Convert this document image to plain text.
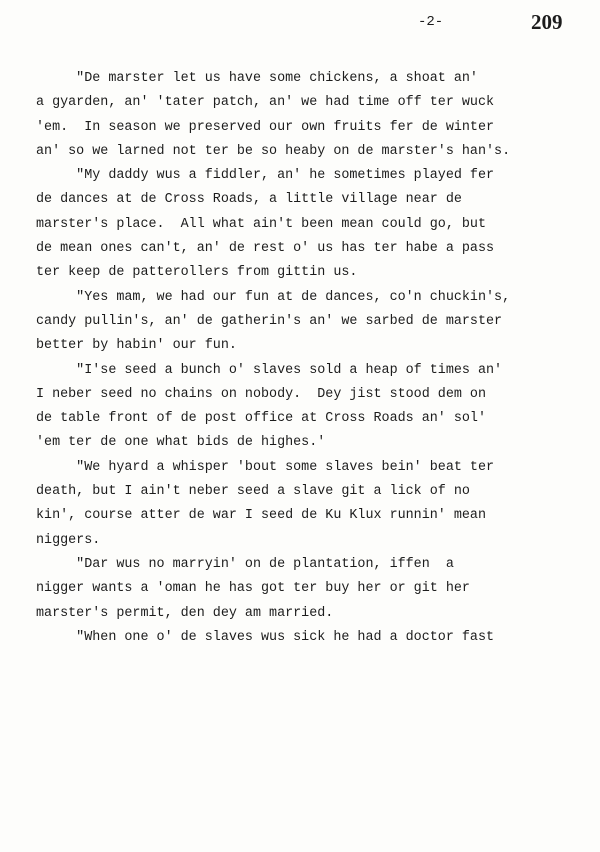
-2-	209
"De marster let us have some chickens, a shoat an'
a gyarden, an' 'tater patch, an' we had time off ter wuck
'em.  In season we preserved our own fruits fer de winter
an' so we larned not ter be so heaby on de marster's han's.
"My daddy wus a fiddler, an' he sometimes played fer
de dances at de Cross Roads, a little village near de
marster's place.  All what ain't been mean could go, but
de mean ones can't, an' de rest o' us has ter habe a pass
ter keep de patterollers from gittin us.
"Yes mam, we had our fun at de dances, co'n chuckin's,
candy pullin's, an' de gatherin's an' we sarbed de marster
better by habin' our fun.
"I'se seed a bunch o' slaves sold a heap of times an'
I neber seed no chains on nobody.  Dey jist stood dem on
de table front of de post office at Cross Roads an' sol'
'em ter de one what bids de highes.'
"We hyard a whisper 'bout some slaves bein' beat ter
death, but I ain't neber seed a slave git a lick of no
kin', course atter de war I seed de Ku Klux runnin' mean
niggers.
"Dar wus no marryin' on de plantation, iffen  a
nigger wants a 'oman he has got ter buy her or git her
marster's permit, den dey am married.
"When one o' de slaves wus sick he had a doctor fast
